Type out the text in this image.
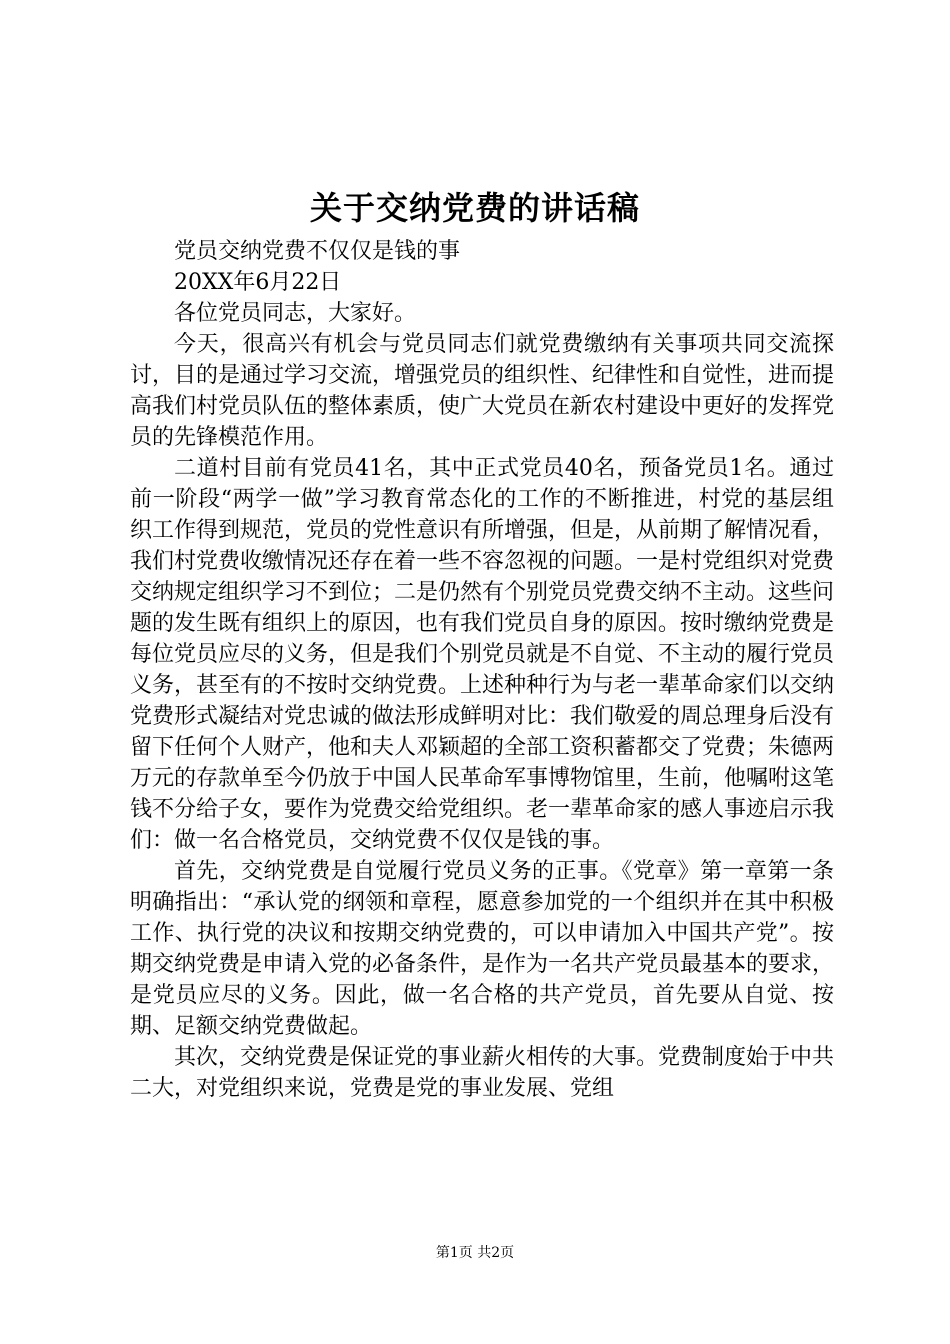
关于交纳党费的讲话稿

党员交纳党费不仅仅是钱的事

20XX年6月22日

各位党员同志，大家好。

今天，很高兴有机会与党员同志们就党费缴纳有关事项共同交流探讨，目的是通过学习交流，增强党员的组织性、纪律性和自觉性，进而提高我们村党员队伍的整体素质，使广大党员在新农村建设中更好的发挥党员的先锋模范作用。

二道村目前有党员41名，其中正式党员40名，预备党员1名。通过前一阶段“两学一做”学习教育常态化的工作的不断推进，村党的基层组织工作得到规范，党员的党性意识有所增强，但是，从前期了解情况看，我们村党费收缴情况还存在着一些不容忽视的问题。一是村党组织对党费交纳规定组织学习不到位；二是仍然有个别党员党费交纳不主动。这些问题的发生既有组织上的原因，也有我们党员自身的原因。按时缴纳党费是每位党员应尽的义务，但是我们个别党员就是不自觉、不主动的履行党员义务，甚至有的不按时交纳党费。上述种种行为与老一辈革命家们以交纳党费形式凝结对党忠诚的做法形成鲜明对比：我们敬爱的周总理身后没有留下任何个人财产，他和夫人邓颖超的全部工资积蓄都交了党费；朱德两万元的存款单至今仍放于中国人民革命军事博物馆里，生前，他嘱咐这笔钱不分给子女，要作为党费交给党组织。老一辈革命家的感人事迹启示我们：做一名合格党员，交纳党费不仅仅是钱的事。

首先，交纳党费是自觉履行党员义务的正事。《党章》第一章第一条明确指出：“承认党的纲领和章程，愿意参加党的一个组织并在其中积极工作、执行党的决议和按期交纳党费的，可以申请加入中国共产党”。按期交纳党费是申请入党的必备条件，是作为一名共产党员最基本的要求，是党员应尽的义务。因此，做一名合格的共产党员，首先要从自觉、按期、足额交纳党费做起。

其次，交纳党费是保证党的事业薪火相传的大事。党费制度始于中共二大，对党组织来说，党费是党的事业发展、党组

第1页 共2页
